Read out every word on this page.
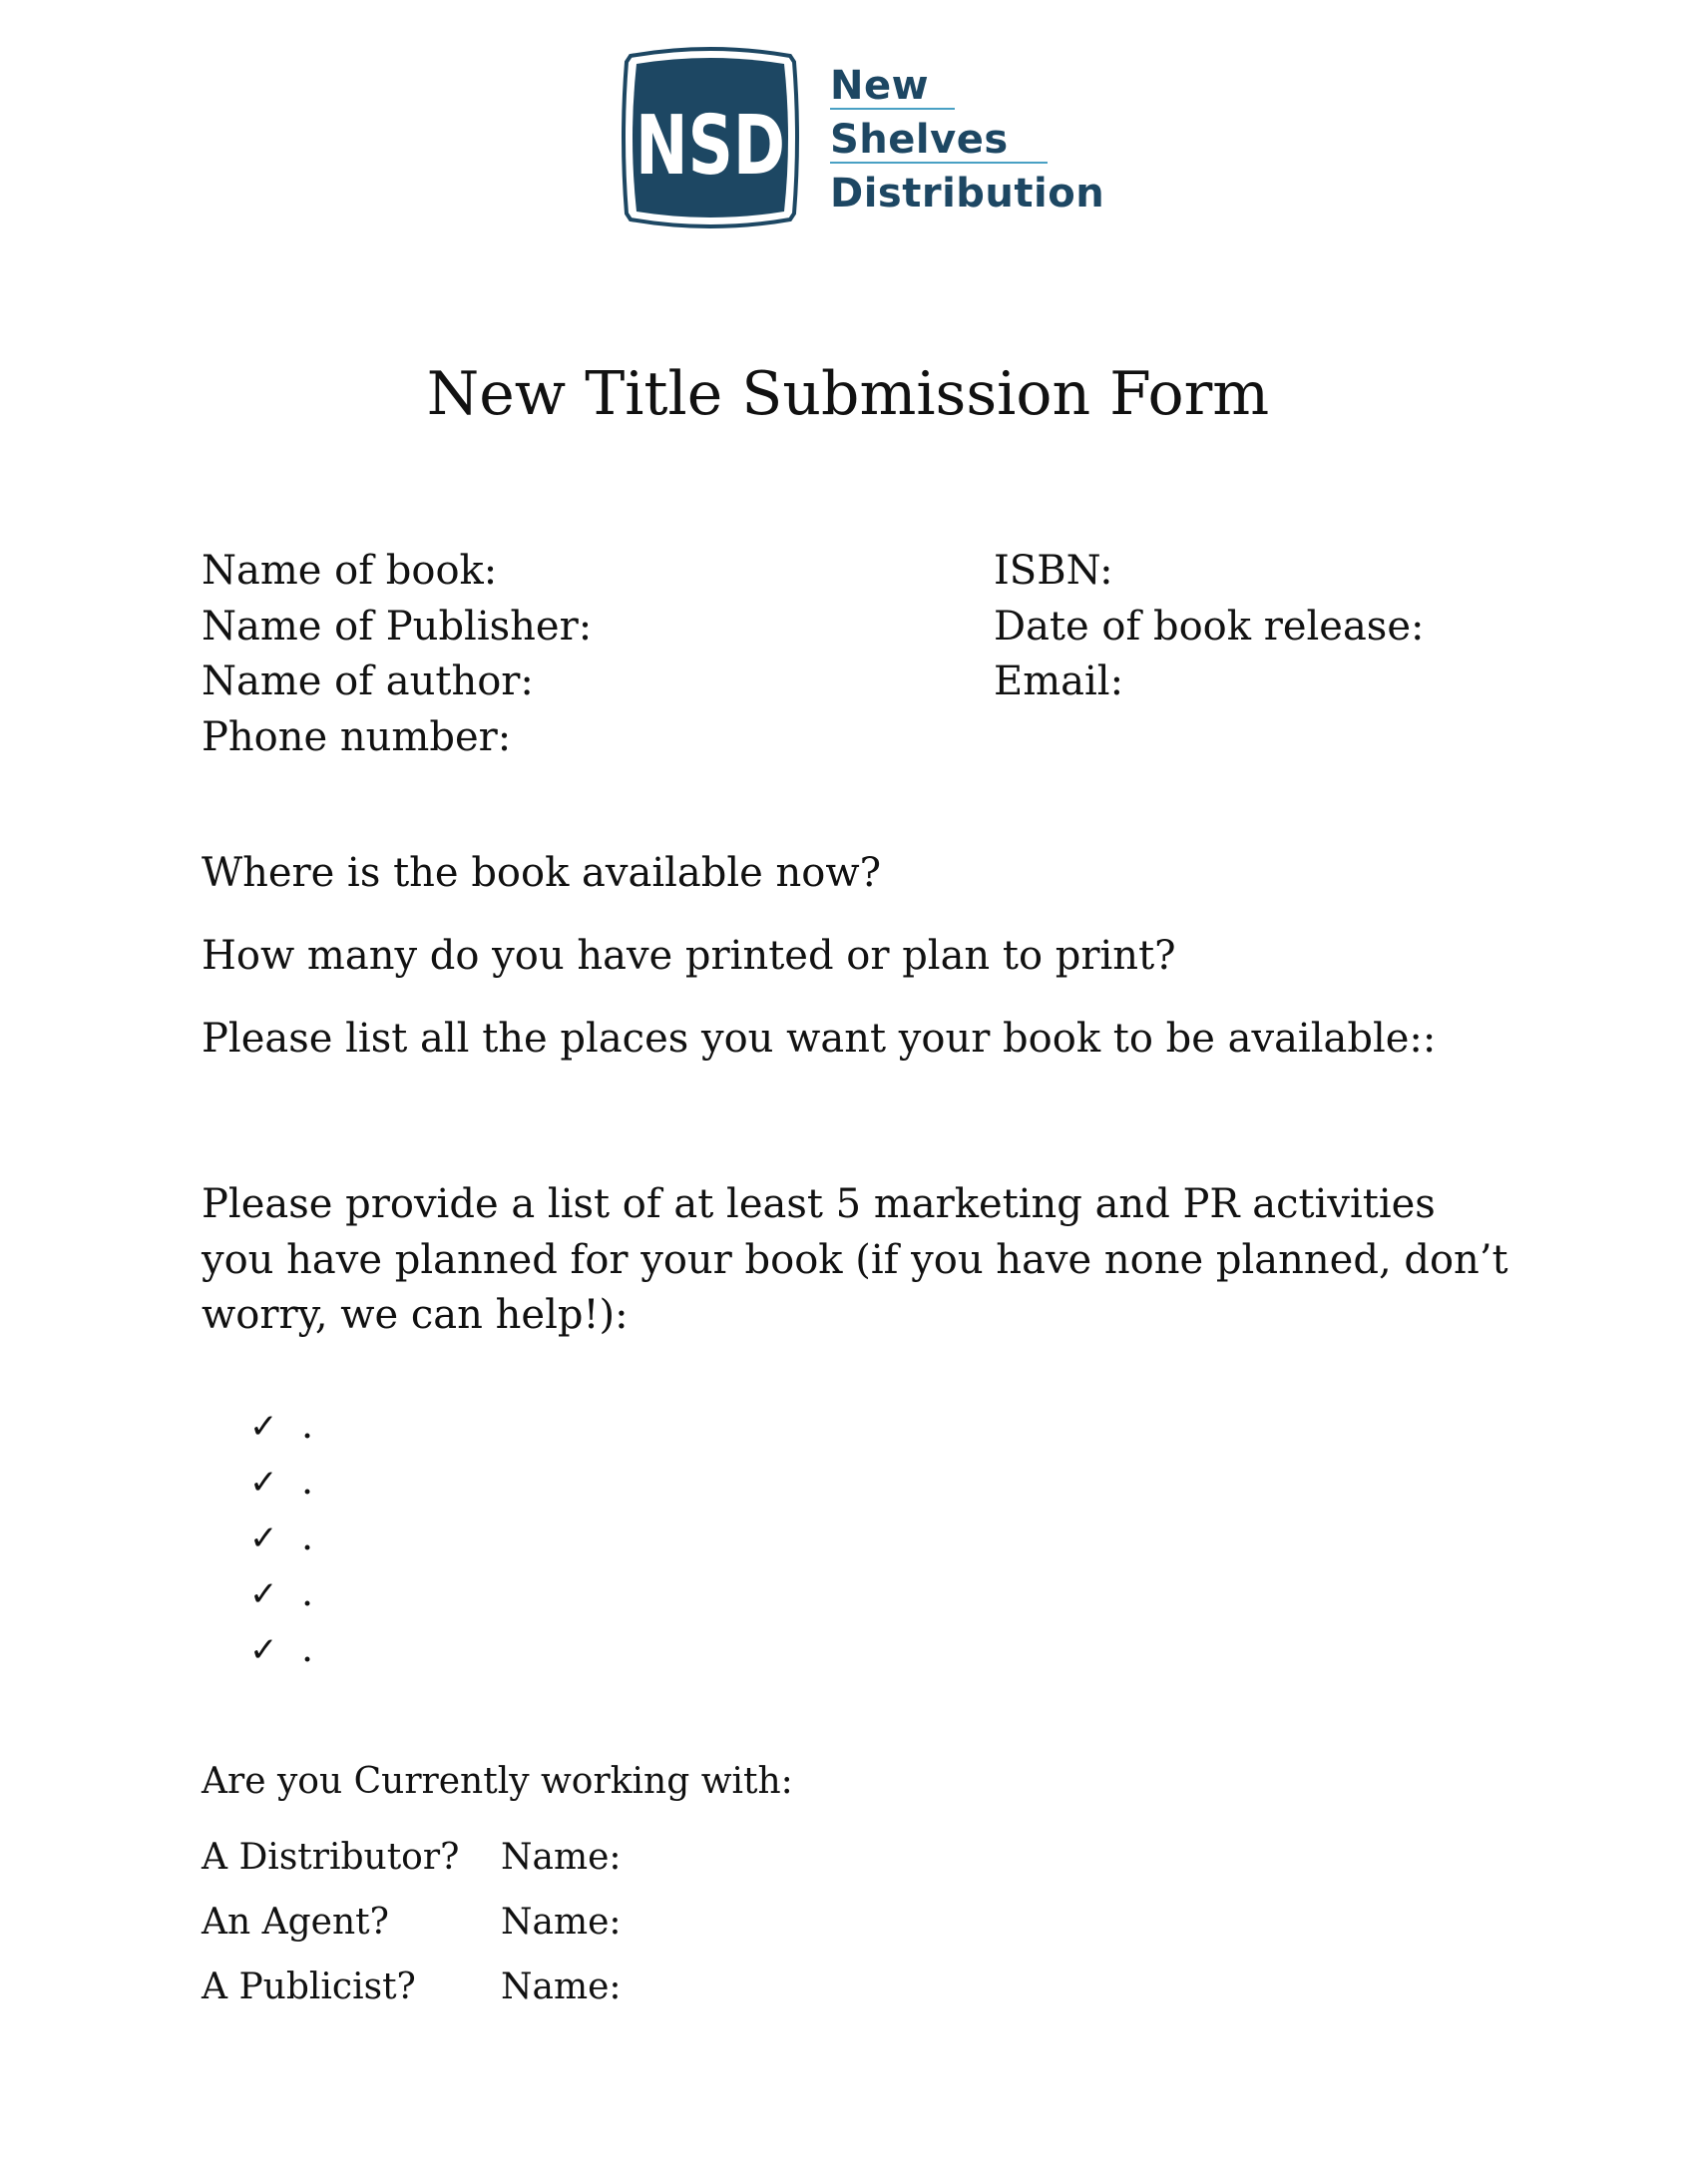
NSD
New
Shelves
Distribution
New Title Submission Form
Name of book:
Name of Publisher:
Name of author:
Phone number:
ISBN:
Date of book release:
Email:
Where is the book available now?
How many do you have printed or plan to print?
Please list all the places you want your book to be available::
Please provide a list of at least 5 marketing and PR activities you have planned for your book (if you have none planned, don’t worry, we can help!):
✓ .
✓ .
✓ .
✓ .
✓ .
Are you Currently working with:
A Distributor? Name:
An Agent?	Name:
A Publicist? Name:
